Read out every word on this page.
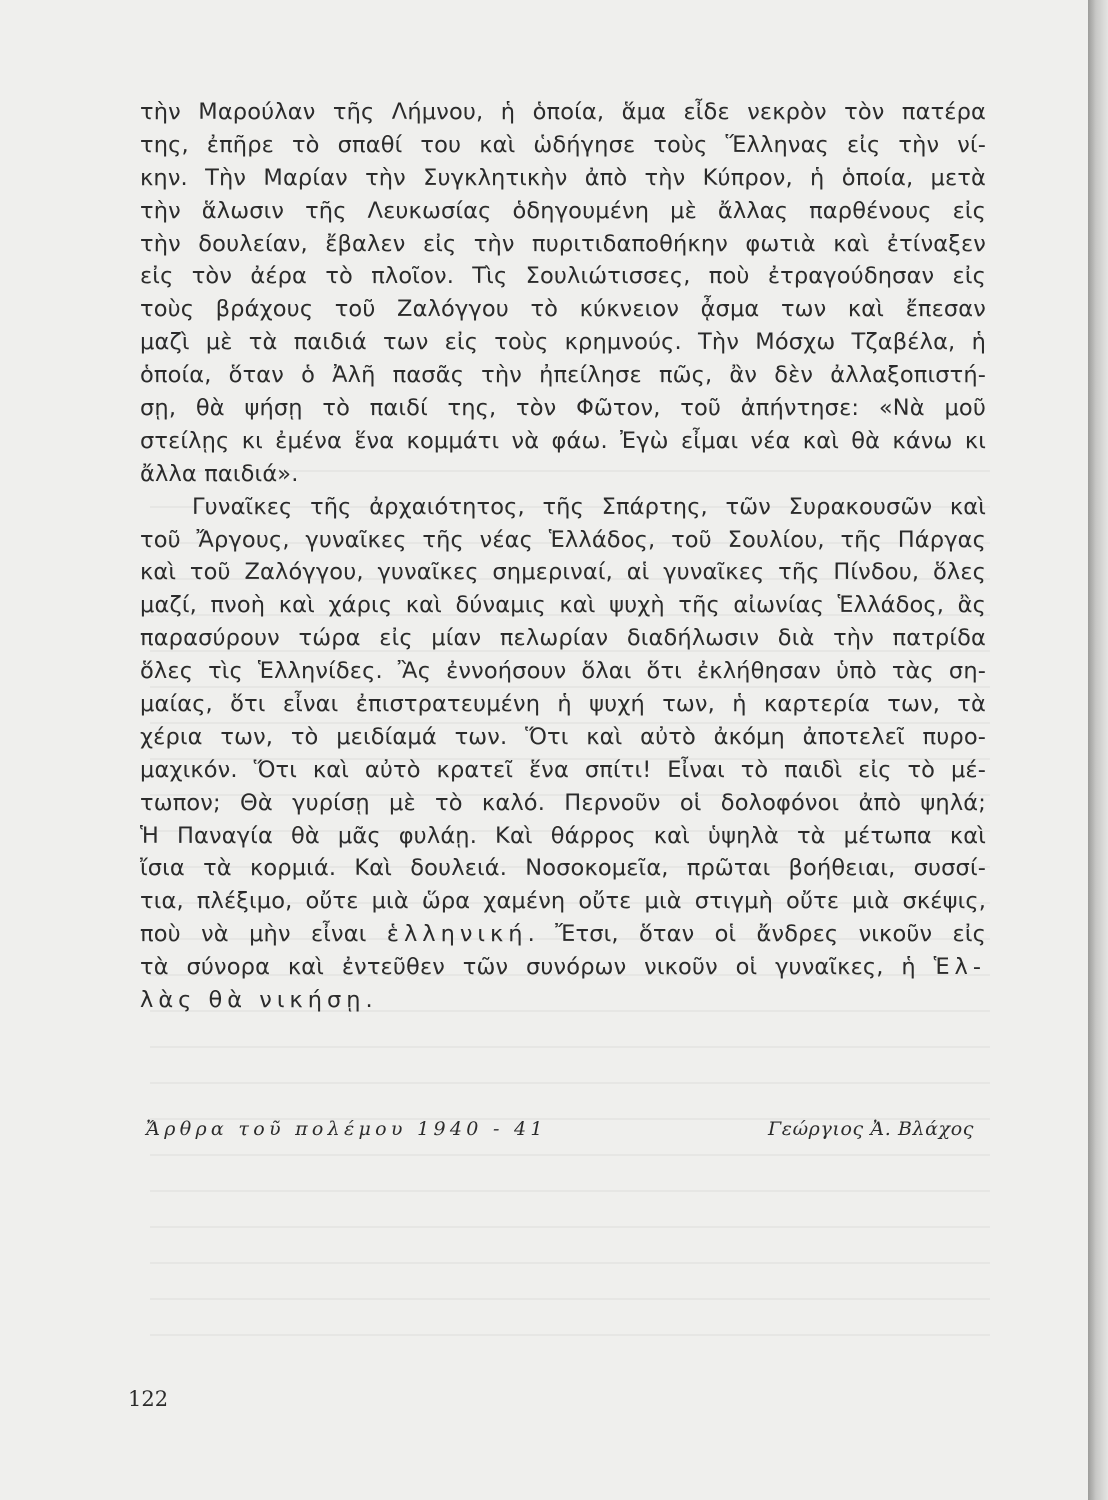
τὴν Μαρούλαν τῆς Λήμνου, ἡ ὁποία, ἅμα εἶδε νεκρὸν τὸν πατέρα
της, ἐπῆρε τὸ σπαθί του καὶ ὡδήγησε τοὺς Ἕλληνας εἰς τὴν νί-
κην. Τὴν Μαρίαν τὴν Συγκλητικὴν ἀπὸ τὴν Κύπρον, ἡ ὁποία, μετὰ
τὴν ἅλωσιν τῆς Λευκωσίας ὁδηγουμένη μὲ ἄλλας παρθένους εἰς
τὴν δουλείαν, ἔβαλεν εἰς τὴν πυριτιδαποθήκην φωτιὰ καὶ ἐτίναξεν
εἰς τὸν ἀέρα τὸ πλοῖον. Τὶς Σουλιώτισσες, ποὺ ἐτραγούδησαν εἰς
τοὺς βράχους τοῦ Ζαλόγγου τὸ κύκνειον ᾆσμα των καὶ ἔπεσαν
μαζὶ μὲ τὰ παιδιά των εἰς τοὺς κρημνούς. Τὴν Μόσχω Τζαβέλα, ἡ
ὁποία, ὅταν ὁ Ἀλῆ πασᾶς τὴν ἠπείλησε πῶς, ἂν δὲν ἀλλαξοπιστή-
σῃ, θὰ ψήσῃ τὸ παιδί της, τὸν Φῶτον, τοῦ ἀπήντησε: «Νὰ μοῦ
στείλῃς κι ἐμένα ἕνα κομμάτι νὰ φάω. Ἐγὼ εἶμαι νέα καὶ θὰ κάνω κι
ἄλλα παιδιά».
Γυναῖκες τῆς ἀρχαιότητος, τῆς Σπάρτης, τῶν Συρακουσῶν καὶ
τοῦ Ἄργους, γυναῖκες τῆς νέας Ἑλλάδος, τοῦ Σουλίου, τῆς Πάργας
καὶ τοῦ Ζαλόγγου, γυναῖκες σημεριναί, αἱ γυναῖκες τῆς Πίνδου, ὅλες
μαζί, πνοὴ καὶ χάρις καὶ δύναμις καὶ ψυχὴ τῆς αἰωνίας Ἑλλάδος, ἂς
παρασύρουν τώρα εἰς μίαν πελωρίαν διαδήλωσιν διὰ τὴν πατρίδα
ὅλες τὶς Ἑλληνίδες. Ἂς ἐννοήσουν ὅλαι ὅτι ἐκλήθησαν ὑπὸ τὰς ση-
μαίας, ὅτι εἶναι ἐπιστρατευμένη ἡ ψυχή των, ἡ καρτερία των, τὰ
χέρια των, τὸ μειδίαμά των. Ὅτι καὶ αὐτὸ ἀκόμη ἀποτελεῖ πυρο-
μαχικόν. Ὅτι καὶ αὐτὸ κρατεῖ ἕνα σπίτι! Εἶναι τὸ παιδὶ εἰς τὸ μέ-
τωπον; Θὰ γυρίσῃ μὲ τὸ καλό. Περνοῦν οἱ δολοφόνοι ἀπὸ ψηλά;
Ἡ Παναγία θὰ μᾶς φυλάῃ. Καὶ θάρρος καὶ ὑψηλὰ τὰ μέτωπα καὶ
ἴσια τὰ κορμιά. Καὶ δουλειά. Νοσοκομεῖα, πρῶται βοήθειαι, συσσί-
τια, πλέξιμο, οὔτε μιὰ ὥρα χαμένη οὔτε μιὰ στιγμὴ οὔτε μιὰ σκέψις,
ποὺ νὰ μὴν εἶναι ἑλληνική. Ἔτσι, ὅταν οἱ ἄνδρες νικοῦν εἰς
τὰ σύνορα καὶ ἐντεῦθεν τῶν συνόρων νικοῦν οἱ γυναῖκες, ἡ Ἑλ-
λὰς θὰ νικήσῃ.
Ἄρθρα τοῦ πολέμου 1940 - 41	Γεώργιος Ἀ. Βλάχος
122
